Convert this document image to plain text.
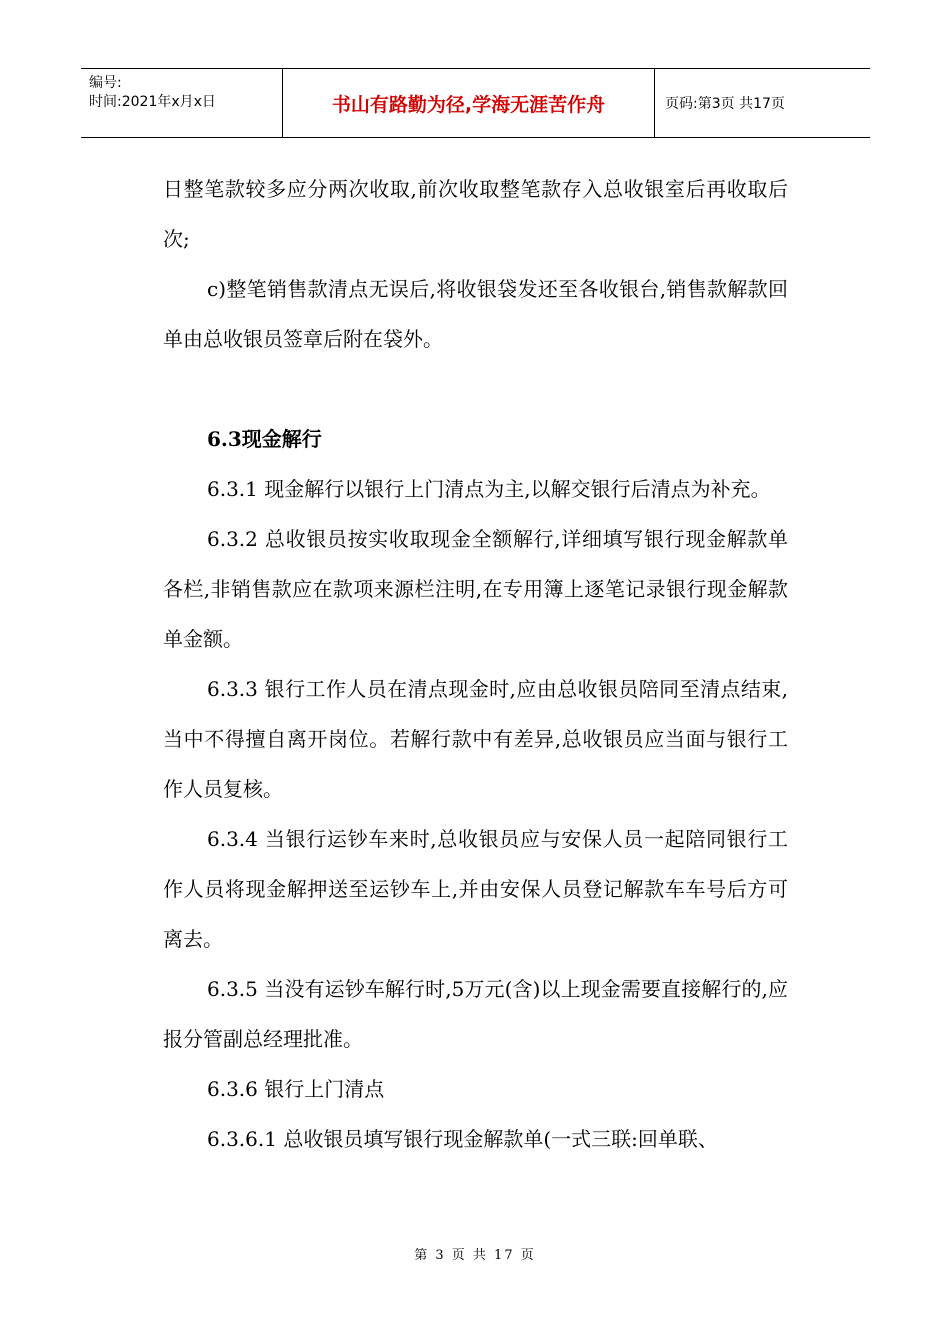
编号:
时间:2021年x月x日	书山有路勤为径,学海无涯苦作舟	页码:第3页 共17页

日整笔款较多应分两次收取,前次收取整笔款存入总收银室后再收取后次;

c)整笔销售款清点无误后,将收银袋发还至各收银台,销售款解款回单由总收银员签章后附在袋外。

6.3现金解行

6.3.1 现金解行以银行上门清点为主,以解交银行后清点为补充。

6.3.2 总收银员按实收取现金全额解行,详细填写银行现金解款单各栏,非销售款应在款项来源栏注明,在专用簿上逐笔记录银行现金解款单金额。

6.3.3 银行工作人员在清点现金时,应由总收银员陪同至清点结束,当中不得擅自离开岗位。若解行款中有差异,总收银员应当面与银行工作人员复核。

6.3.4 当银行运钞车来时,总收银员应与安保人员一起陪同银行工作人员将现金解押送至运钞车上,并由安保人员登记解款车车号后方可离去。

6.3.5 当没有运钞车解行时,5万元(含)以上现金需要直接解行的,应报分管副总经理批准。

6.3.6 银行上门清点

6.3.6.1 总收银员填写银行现金解款单(一式三联:回单联、

第 3 页 共 17 页
